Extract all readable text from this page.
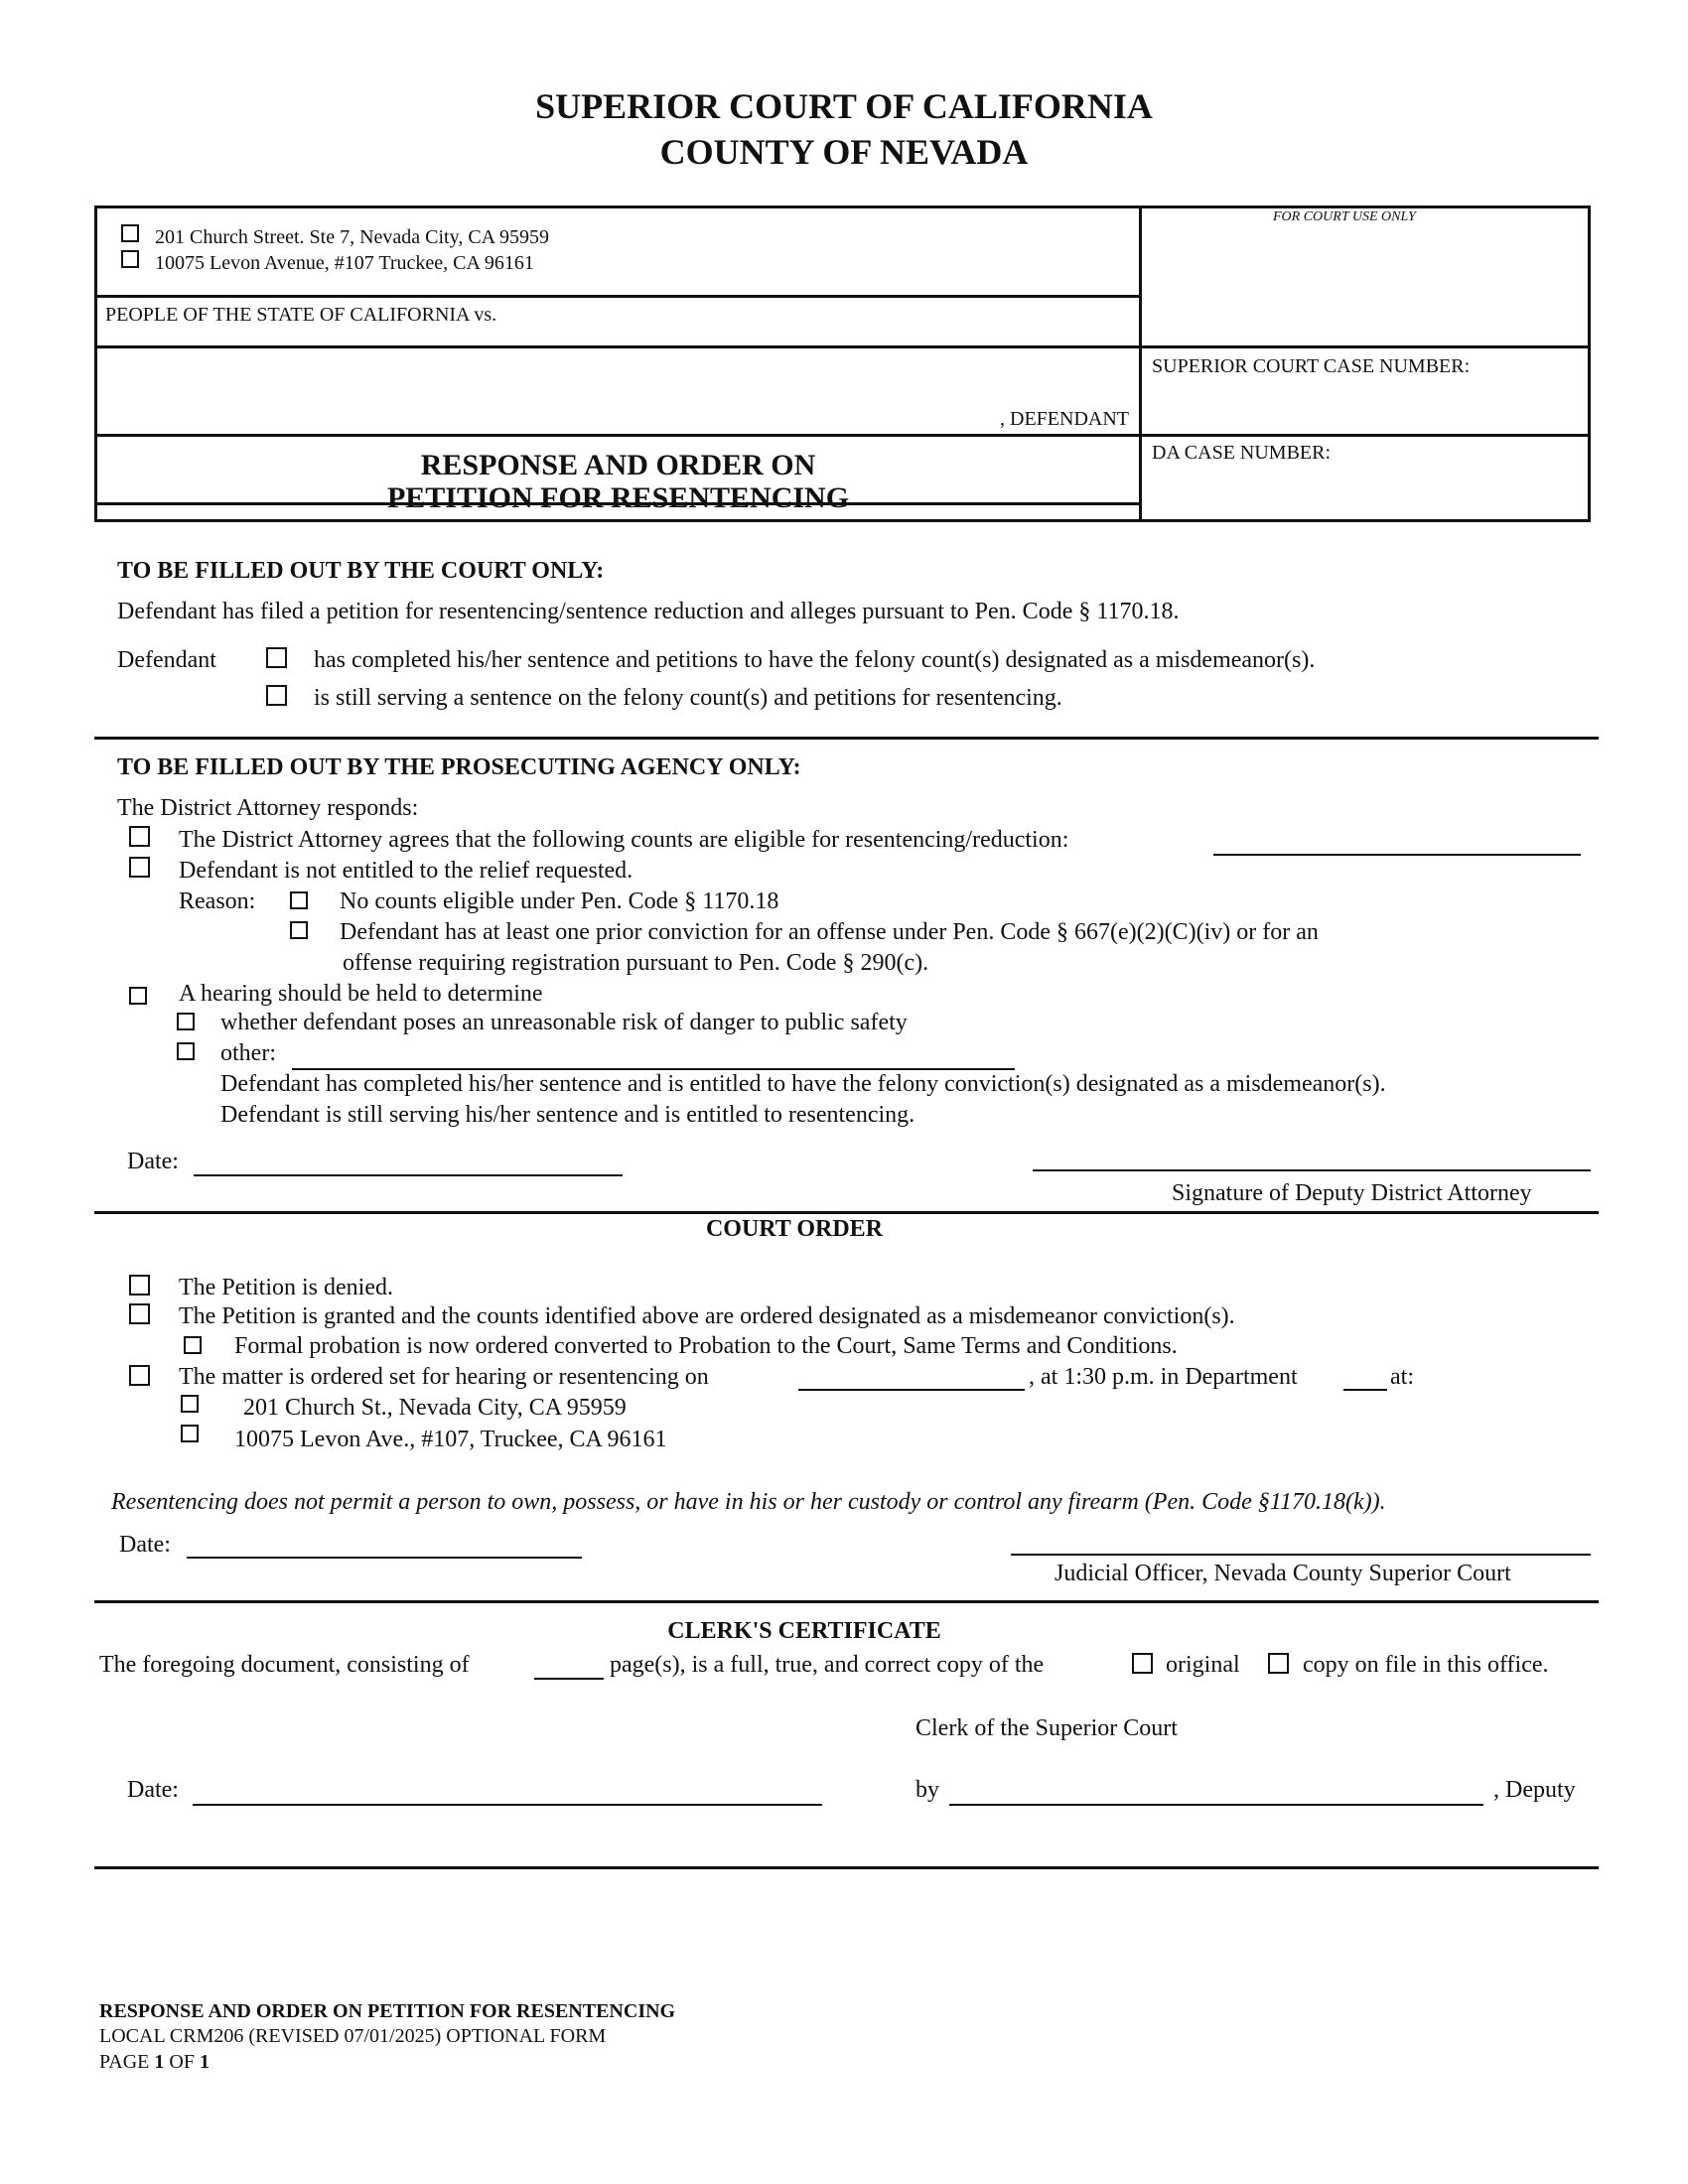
SUPERIOR COURT OF CALIFORNIA
COUNTY OF NEVADA
201 Church Street. Ste 7, Nevada City, CA 95959
10075 Levon Avenue, #107 Truckee, CA 96161
FOR COURT USE ONLY
PEOPLE OF THE STATE OF CALIFORNIA vs.
, DEFENDANT
SUPERIOR COURT CASE NUMBER:
DA CASE NUMBER:
RESPONSE AND ORDER ON
PETITION FOR RESENTENCING
TO BE FILLED OUT BY THE COURT ONLY:
Defendant has filed a petition for resentencing/sentence reduction and alleges pursuant to Pen. Code § 1170.18.
Defendant	has completed his/her sentence and petitions to have the felony count(s) designated as a misdemeanor(s).
is still serving a sentence on the felony count(s) and petitions for resentencing.
TO BE FILLED OUT BY THE PROSECUTING AGENCY ONLY:
The District Attorney responds:
The District Attorney agrees that the following counts are eligible for resentencing/reduction:
Defendant is not entitled to the relief requested.
Reason:	No counts eligible under Pen. Code § 1170.18
Defendant has at least one prior conviction for an offense under Pen. Code § 667(e)(2)(C)(iv) or for an
offense requiring registration pursuant to Pen. Code § 290(c).
A hearing should be held to determine
whether defendant poses an unreasonable risk of danger to public safety
other:
Defendant has completed his/her sentence and is entitled to have the felony conviction(s) designated as a misdemeanor(s).
Defendant is still serving his/her sentence and is entitled to resentencing.
Date:
Signature of Deputy District Attorney
COURT ORDER
The Petition is denied.
The Petition is granted and the counts identified above are ordered designated as a misdemeanor conviction(s).
Formal probation is now ordered converted to Probation to the Court, Same Terms and Conditions.
The matter is ordered set for hearing or resentencing on	, at 1:30 p.m. in Department	at:
201 Church St., Nevada City, CA 95959
10075 Levon Ave., #107, Truckee, CA 96161
Resentencing does not permit a person to own, possess, or have in his or her custody or control any firearm (Pen. Code §1170.18(k)).
Date:
Judicial Officer, Nevada County Superior Court
CLERK'S CERTIFICATE
The foregoing document, consisting of	page(s), is a full, true, and correct copy of the	original	copy on file in this office.
Clerk of the Superior Court
Date:	by	, Deputy
RESPONSE AND ORDER ON PETITION FOR RESENTENCING
LOCAL CRM206 (REVISED 07/01/2025) OPTIONAL FORM
PAGE 1 OF 1
